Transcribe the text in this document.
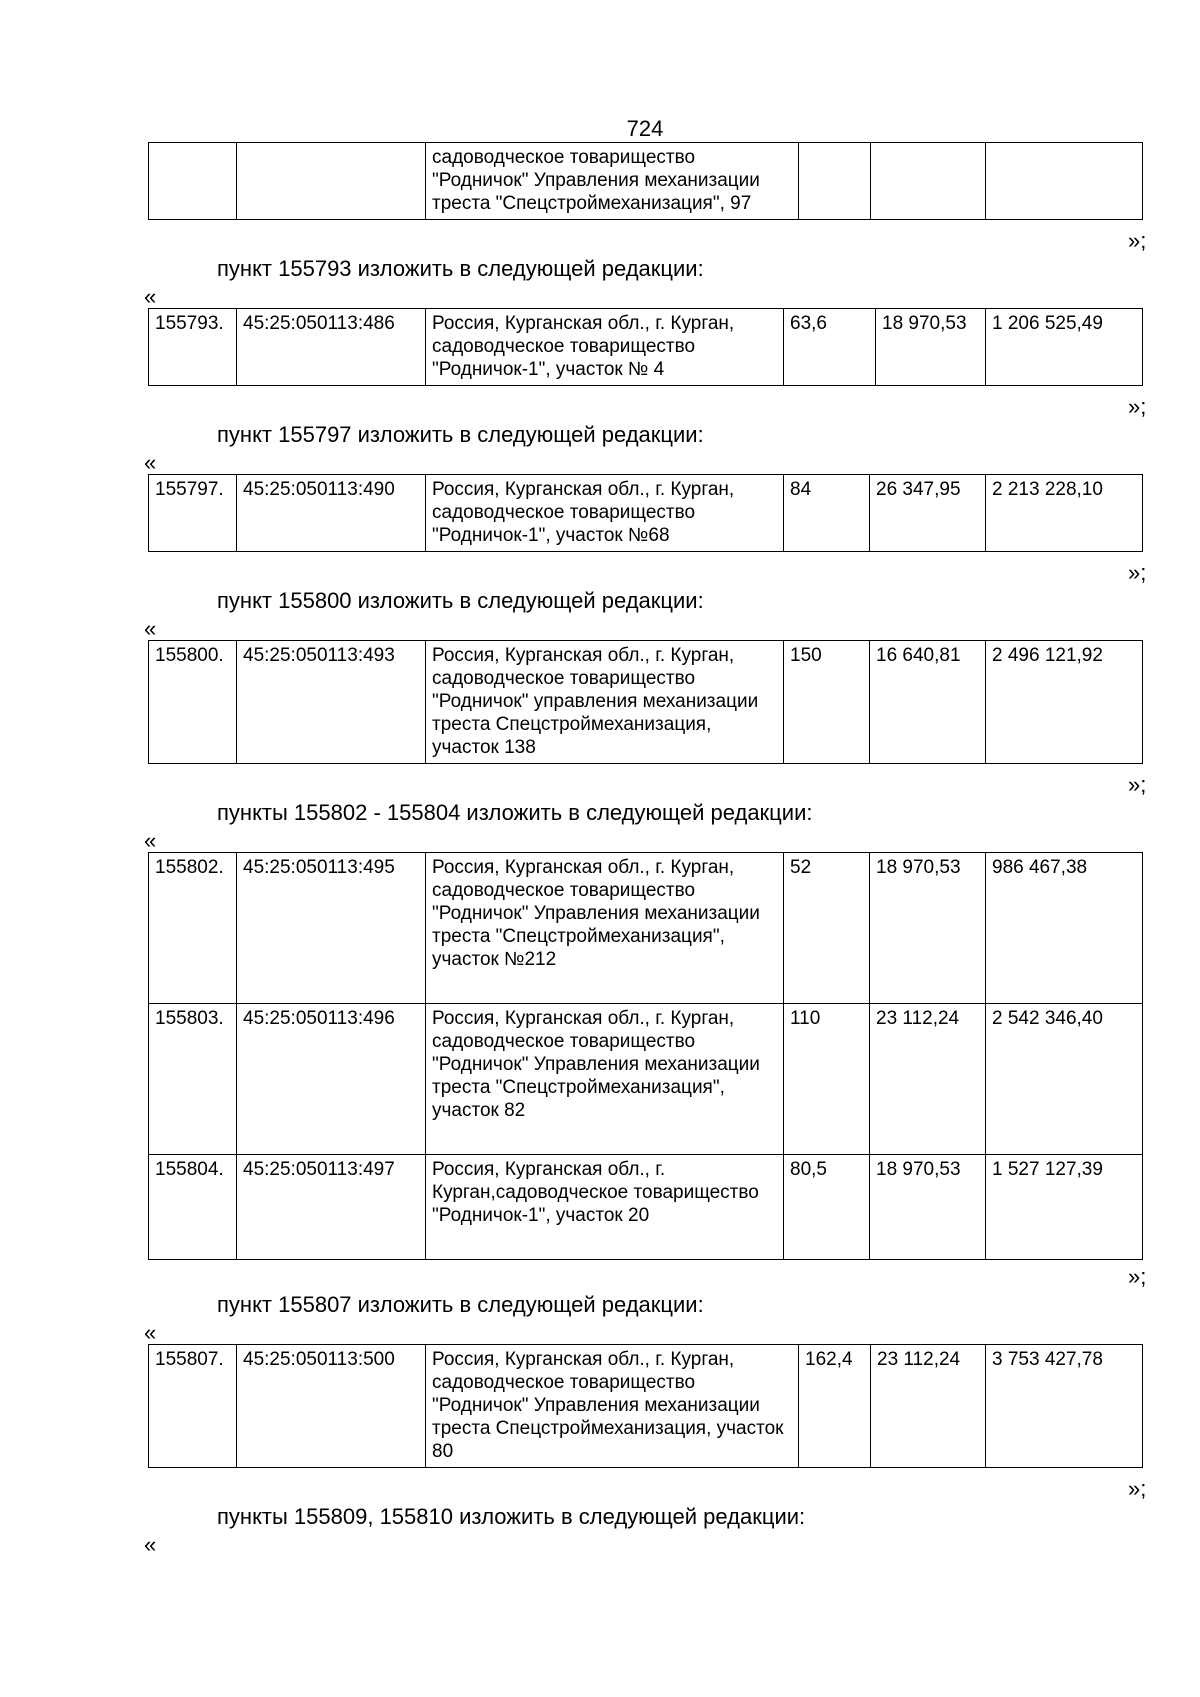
724
		садоводческое товарищество "Родничок" Управления механизации треста "Спецстроймеханизация", 97			
»;
пункт 155793 изложить в следующей редакции:
«
155793.	45:25:050113:486	Россия, Курганская обл., г. Курган, садоводческое товарищество "Родничок-1", участок № 4	63,6	18 970,53	1 206 525,49
»;
пункт 155797 изложить в следующей редакции:
«
155797.	45:25:050113:490	Россия, Курганская обл., г. Курган, садоводческое товарищество "Родничок-1", участок №68	84	26 347,95	2 213 228,10
»;
пункт 155800 изложить в следующей редакции:
«
155800.	45:25:050113:493	Россия, Курганская обл., г. Курган, садоводческое товарищество "Родничок" управления механизации треста Спецстроймеханизация, участок 138	150	16 640,81	2 496 121,92
»;
пункты 155802 - 155804 изложить в следующей редакции:
«
155802.	45:25:050113:495	Россия, Курганская обл., г. Курган, садоводческое товарищество "Родничок" Управления механизации треста "Спецстроймеханизация", участок №212	52	18 970,53	986 467,38
155803.	45:25:050113:496	Россия, Курганская обл., г. Курган, садоводческое товарищество "Родничок" Управления механизации треста "Спецстроймеханизация", участок 82	110	23 112,24	2 542 346,40
155804.	45:25:050113:497	Россия, Курганская обл., г. Курган,садоводческое товарищество "Родничок-1", участок 20	80,5	18 970,53	1 527 127,39
»;
пункт 155807 изложить в следующей редакции:
«
155807.	45:25:050113:500	Россия, Курганская обл., г. Курган, садоводческое товарищество "Родничок" Управления механизации треста Спецстроймеханизация, участок 80	162,4	23 112,24	3 753 427,78
»;
пункты 155809, 155810 изложить в следующей редакции:
«
